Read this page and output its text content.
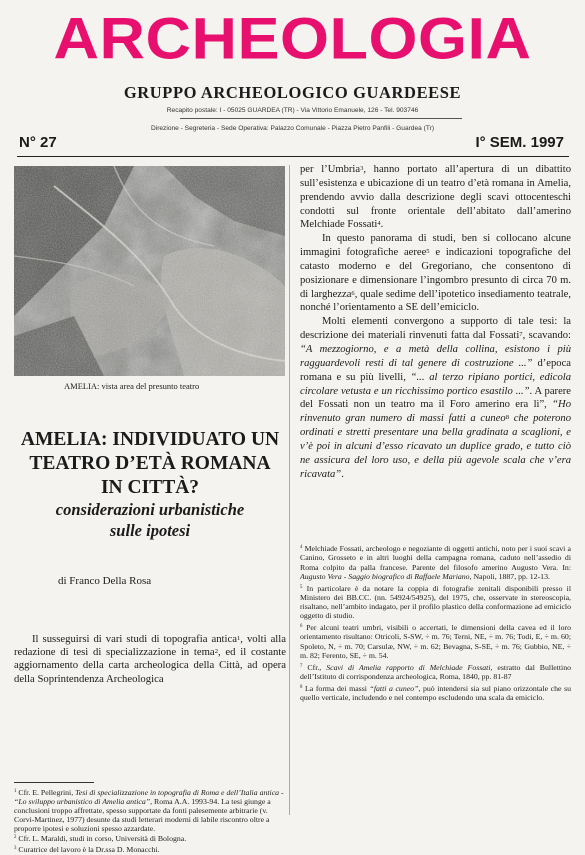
ARCHEOLOGIA
GRUPPO ARCHEOLOGICO GUARDEESE
Recapito postale: I - 05025 GUARDEA (TR) - Via Vittorio Emanuele, 126 - Tel. 903746
Direzione - Segreteria - Sede Operativa: Palazzo Comunale - Piazza Pietro Panfili - Guardea (Tr)
N° 27	I° SEM. 1997
AMELIA: vista area del presunto teatro
AMELIA: INDIVIDUATO UN
TEATRO D’ETÀ ROMANA
IN CITTÀ?
considerazioni urbanistiche
sulle ipotesi
di Franco Della Rosa

Il susseguirsi di vari studi di topografia antica$^1$, volti alla redazione di tesi di specializzazione in tema$^2$, ed il costante aggiornamento della carta archeologica della Città, ad opera della Soprintendenza Archeologica

$^1$ Cfr. E. Pellegrini, Tesi di specializzazione in topografia di Roma e dell’Italia antica - “Lo sviluppo urbanistico di Amelia antica”, Roma A.A. 1993-94. La tesi giunge a conclusioni troppo affrettate, spesso supportate da fonti palesemente arbitrarie (v. Corvi-Martinez, 1977) desunte da studi letterari moderni di labile riscontro oltre a proporre ipotesi e soluzioni spesso azzardate.

$^2$ Cfr. L. Maraldi, studi in corso, Università di Bologna.

$^3$ Curatrice del lavoro è la Dr.ssa D. Monacchi.

per l’Umbria$^3$, hanno portato all’apertura di un dibattito sull’esistenza e ubicazione di un teatro d’età romana in Amelia, prendendo avvio dalla descrizione degli scavi ottocenteschi condotti sul fronte orientale dell’abitato dall’amerino Melchiade Fossati$^4$.

In questo panorama di studi, ben si collocano alcune immagini fotografiche aeree$^5$ e indicazioni topografiche del catasto moderno e del Gregoriano, che consentono di posizionare e dimensionare l’ingombro presunto di circa 70 m. di larghezza$^6$, quale sedime dell’ipotetico insediamento teatrale, nonché l’orientamento a SE dell’emiciclo.

Molti elementi convergono a supporto di tale tesi: la descrizione dei materiali rinvenuti fatta dal Fossati$^7$, scavando: “A mezzogiorno, e a metà della collina, esistono i più ragguardevoli resti di tal genere di costruzione ...” d’epoca romana e su più livelli, “... al terzo ripiano portici, edicola circolare vetusta e un ricchissimo portico esastilo ...”. A parere del Fossati non un teatro ma il Foro amerino era lì”, “Ho rinvenuto gran numero di massi fatti a cuneo$^8$ che poterono ordinati e stretti presentare una bella gradinata a scaglioni, e v’è poi in alcuni d’esso ricavato un duplice grado, e tutto ciò ne assicura del loro uso, e della più agevole scala che v’era ricavata”.

$^4$ Melchiade Fossati, archeologo e negoziante di oggetti antichi, noto per i suoi scavi a Canino, Grosseto e in altri luoghi della campagna romana, caduto nell’assedio di Roma colpito da palla francese. Parente del filosofo amerino Augusto Vera. In: Augusto Vera - Saggio biografico di Raffaele Mariano, Napoli, 1887, pp. 12-13.

$^5$ In particolare è da notare la coppia di fotografie zenitali disponibili presso il Ministero dei BB.CC. (nn. 54924/54925), del 1975, che, osservate in stereoscopia, risaltano, nell’ambito indagato, per il profilo plastico della conformazione ad emiciclo oggetto di studio.

$^6$ Per alcuni teatri umbri, visibili o accertati, le dimensioni della cavea ed il loro orientamento risultano: Otricoli, S-SW, ÷ m. 76; Terni, NE, ÷ m. 76; Todi, E, ÷ m. 60; Spoleto, N, ÷ m. 70; Carsulæ, NW, ÷ m. 62; Bevagna, S-SE, ÷ m. 76; Gubbio, NE, ÷ m. 82; Ferento, SE, ÷ m. 54.

$^7$ Cfr., Scavi di Amelia rapporto di Melchiade Fossati, estratto dal Bullettino dell’Istituto di corrispondenza archeologica, Roma, 1840, pp. 81-87

$^8$ La forma dei massi “fatti a cuneo”, può intendersi sia sul piano orizzontale che su quello verticale, includendo e nel contempo escludendo una scala da emiciclo.
